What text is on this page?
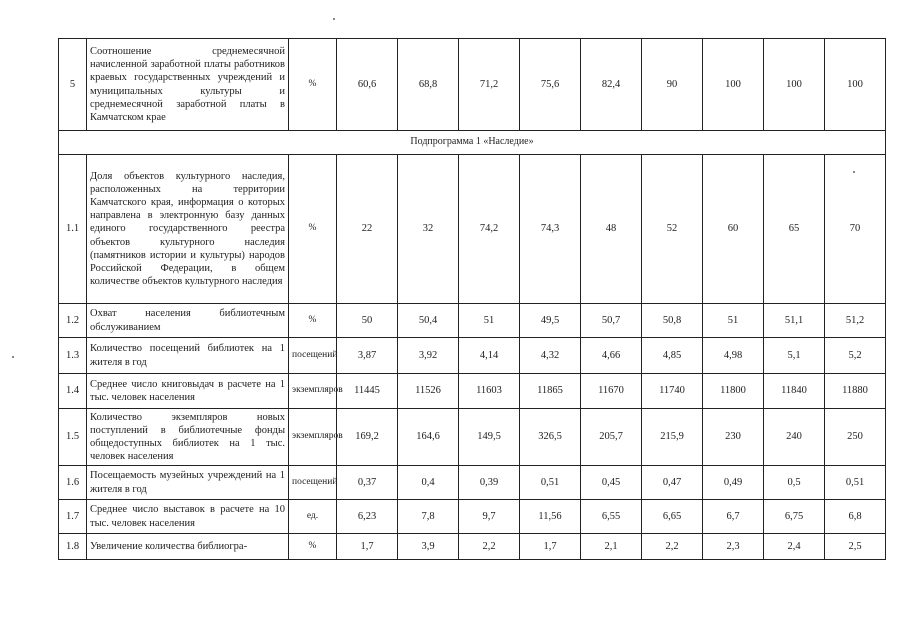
5	Соотношение среднемесячной начисленной заработной платы работников краевых государственных учреждений и муниципальных культуры и среднемесячной заработной платы в Камчатском крае	%	60,6	68,8	71,2	75,6	82,4	90	100	100	100
Подпрограмма 1 «Наследие»											
1.1	Доля объектов культурного наследия, расположенных на территории Камчатского края, информация о которых направлена в электронную базу данных единого государственного реестра объектов культурного наследия (памятников истории и культуры) народов Российской Федерации, в общем количестве объектов культурного наследия	%	22	32	74,2	74,3	48	52	60	65	70
1.2	Охват населения библиотечным обслуживанием	%	50	50,4	51	49,5	50,7	50,8	51	51,1	51,2
1.3	Количество посещений библиотек на 1 жителя в год	посещений	3,87	3,92	4,14	4,32	4,66	4,85	4,98	5,1	5,2
1.4	Среднее число книговыдач в расчете на 1 тыс. человек населения	экземпляров	11445	11526	11603	11865	11670	11740	11800	11840	11880
1.5	Количество экземпляров новых поступлений в библиотечные фонды общедоступных библиотек на 1 тыс. человек населения	экземпляров	169,2	164,6	149,5	326,5	205,7	215,9	230	240	250
1.6	Посещаемость музейных учреждений на 1 жителя в год	посещений	0,37	0,4	0,39	0,51	0,45	0,47	0,49	0,5	0,51
1.7	Среднее число выставок в расчете на 10 тыс. человек населения	ед.	6,23	7,8	9,7	11,56	6,55	6,65	6,7	6,75	6,8
1.8	Увеличение количества библиогра-	%	1,7	3,9	2,2	1,7	2,1	2,2	2,3	2,4	2,5
